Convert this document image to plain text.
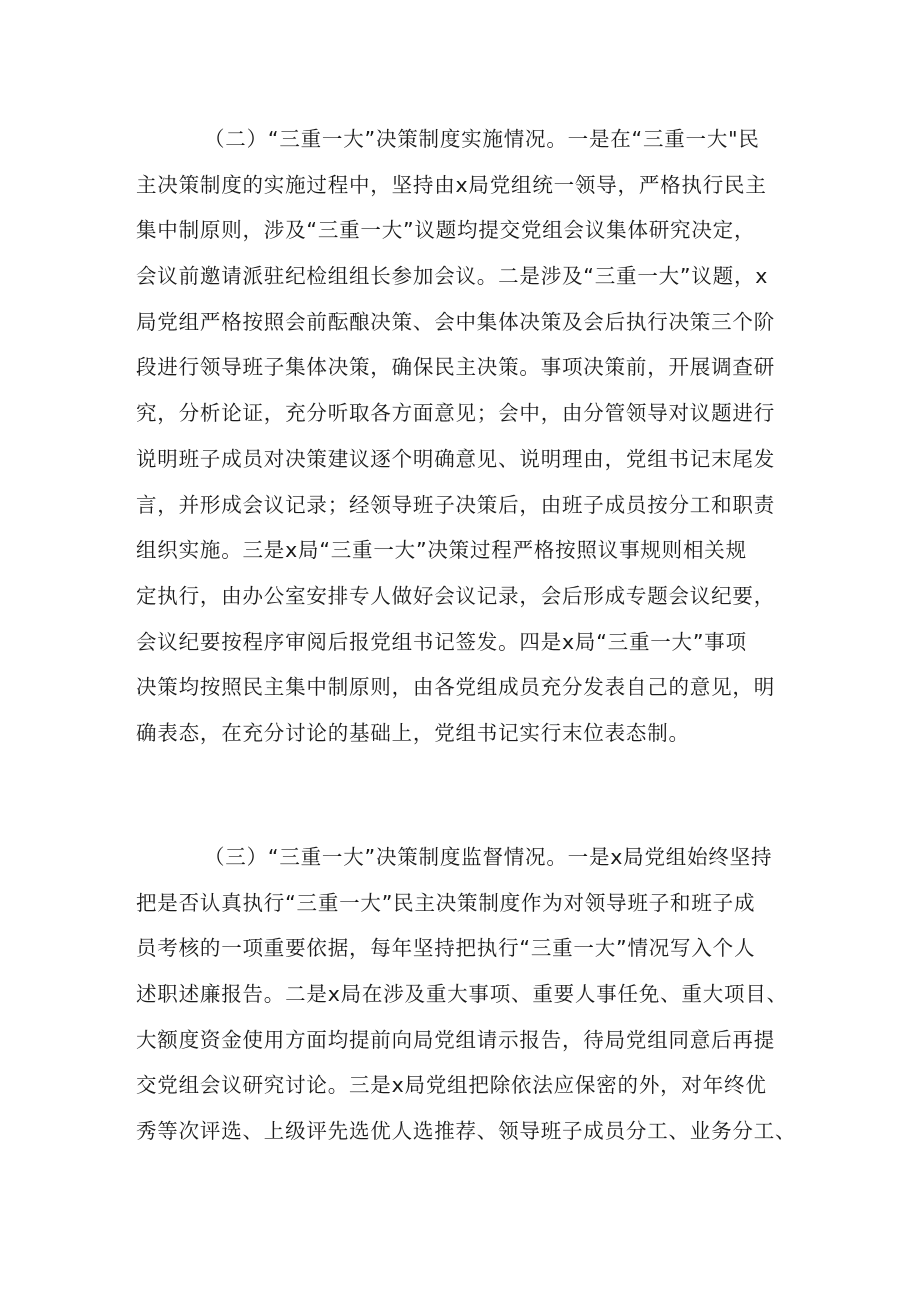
（二）“三重一大”决策制度实施情况。一是在“三重一大"民
主决策制度的实施过程中，坚持由x局党组统一领导，严格执行民主
集中制原则，涉及“三重一大”议题均提交党组会议集体研究决定，
会议前邀请派驻纪检组组长参加会议。二是涉及“三重一大”议题，x
局党组严格按照会前酝酿决策、会中集体决策及会后执行决策三个阶
段进行领导班子集体决策，确保民主决策。事项决策前，开展调查研
究，分析论证，充分听取各方面意见；会中，由分管领导对议题进行
说明班子成员对决策建议逐个明确意见、说明理由，党组书记末尾发
言，并形成会议记录；经领导班子决策后，由班子成员按分工和职责
组织实施。三是x局“三重一大”决策过程严格按照议事规则相关规
定执行，由办公室安排专人做好会议记录，会后形成专题会议纪要，
会议纪要按程序审阅后报党组书记签发。四是x局“三重一大”事项
决策均按照民主集中制原则，由各党组成员充分发表自己的意见，明
确表态，在充分讨论的基础上，党组书记实行末位表态制。
（三）“三重一大”决策制度监督情况。一是x局党组始终坚持
把是否认真执行“三重一大”民主决策制度作为对领导班子和班子成
员考核的一项重要依据，每年坚持把执行“三重一大”情况写入个人
述职述廉报告。二是x局在涉及重大事项、重要人事任免、重大项目、
大额度资金使用方面均提前向局党组请示报告，待局党组同意后再提
交党组会议研究讨论。三是x局党组把除依法应保密的外，对年终优
秀等次评选、上级评先选优人选推荐、领导班子成员分工、业务分工、
